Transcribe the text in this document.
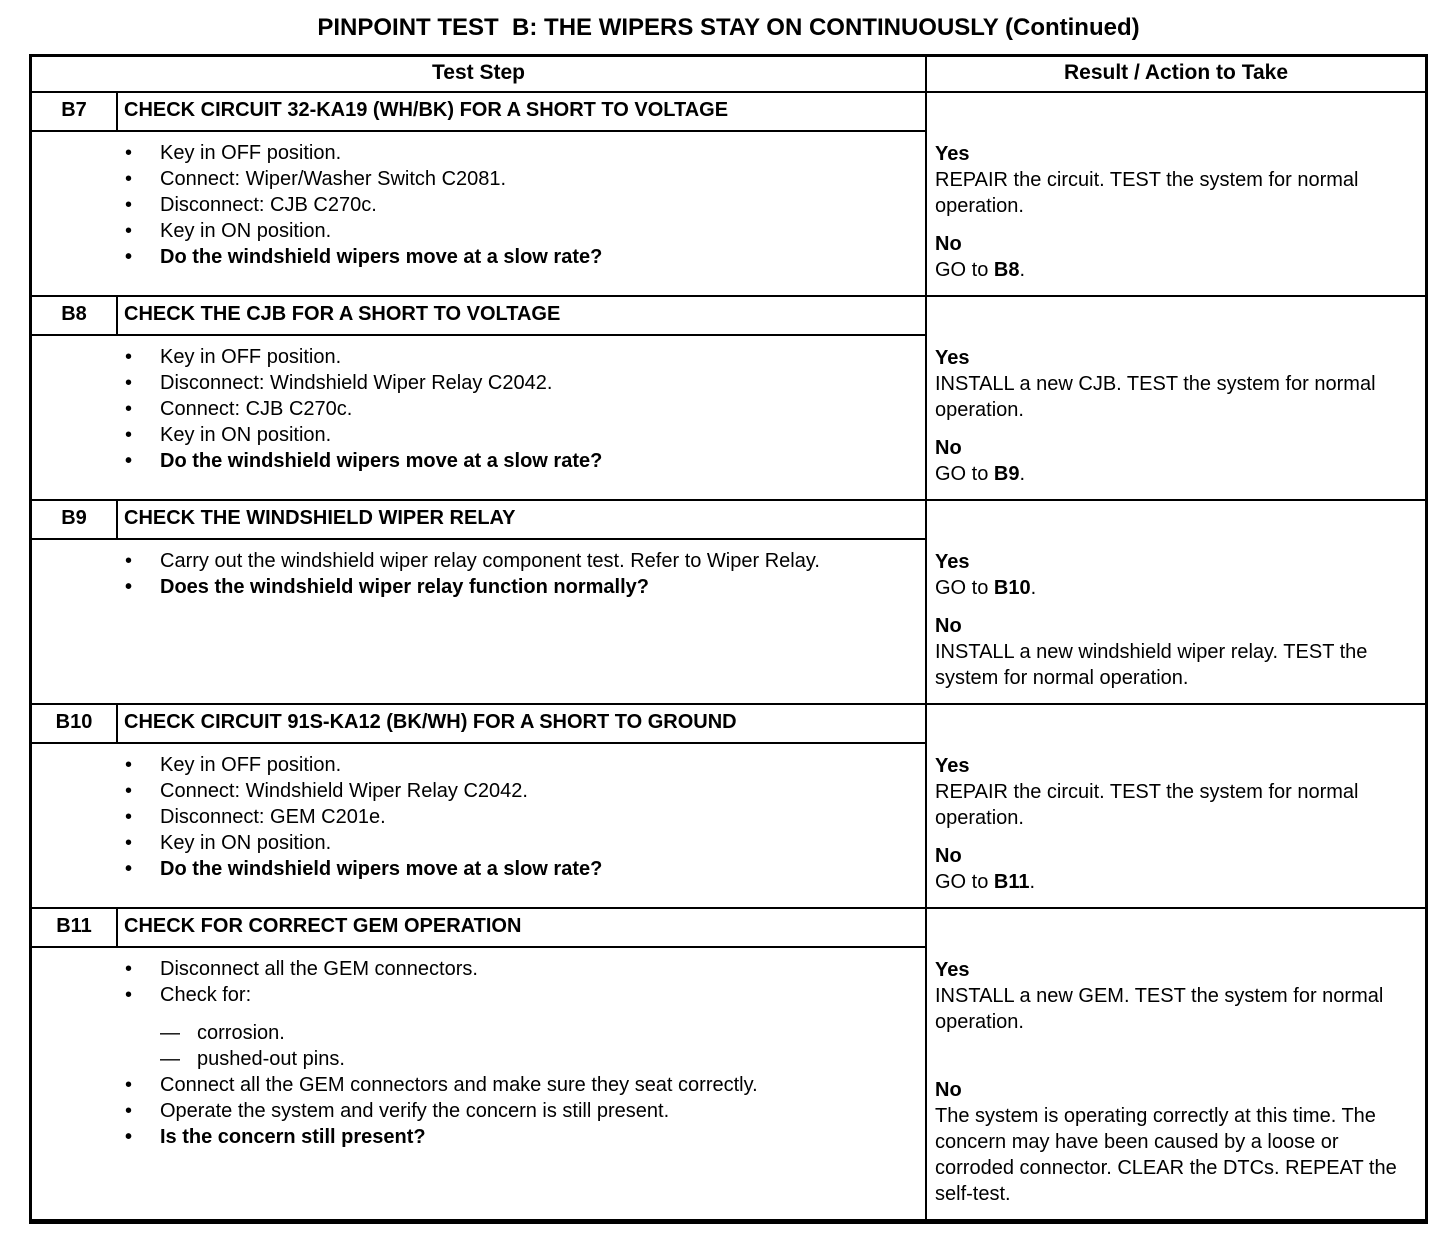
PINPOINT TEST  B: THE WIPERS STAY ON CONTINUOUSLY (Continued)
Test Step		Result / Action to Take
B7	CHECK CIRCUIT 32-KA19 (WH/BK) FOR A SHORT TO VOLTAGE	

• Key in OFF position.
• Connect: Wiper/Washer Switch C2081.
• Disconnect: CJB C270c.
• Key in ON position.
• Do the windshield wipers move at a slow rate?

Yes
REPAIR the circuit. TEST the system for normal operation.
No
GO to B8.

B8	CHECK THE CJB FOR A SHORT TO VOLTAGE	

• Key in OFF position.
• Disconnect: Windshield Wiper Relay C2042.
• Connect: CJB C270c.
• Key in ON position.
• Do the windshield wipers move at a slow rate?

Yes
INSTALL a new CJB. TEST the system for normal operation.
No
GO to B9.

B9	CHECK THE WINDSHIELD WIPER RELAY	

• Carry out the windshield wiper relay component test. Refer to Wiper Relay.
• Does the windshield wiper relay function normally?

Yes
GO to B10.
No
INSTALL a new windshield wiper relay. TEST the system for normal operation.

B10	CHECK CIRCUIT 91S-KA12 (BK/WH) FOR A SHORT TO GROUND	

• Key in OFF position.
• Connect: Windshield Wiper Relay C2042.
• Disconnect: GEM C201e.
• Key in ON position.
• Do the windshield wipers move at a slow rate?

Yes
REPAIR the circuit. TEST the system for normal operation.
No
GO to B11.

B11	CHECK FOR CORRECT GEM OPERATION	

• Disconnect all the GEM connectors.
• Check for:
— corrosion.
— pushed-out pins.
• Connect all the GEM connectors and make sure they seat correctly.
• Operate the system and verify the concern is still present.
• Is the concern still present?

Yes
INSTALL a new GEM. TEST the system for normal operation.
No
The system is operating correctly at this time. The concern may have been caused by a loose or corroded connector. CLEAR the DTCs. REPEAT the self-test.
